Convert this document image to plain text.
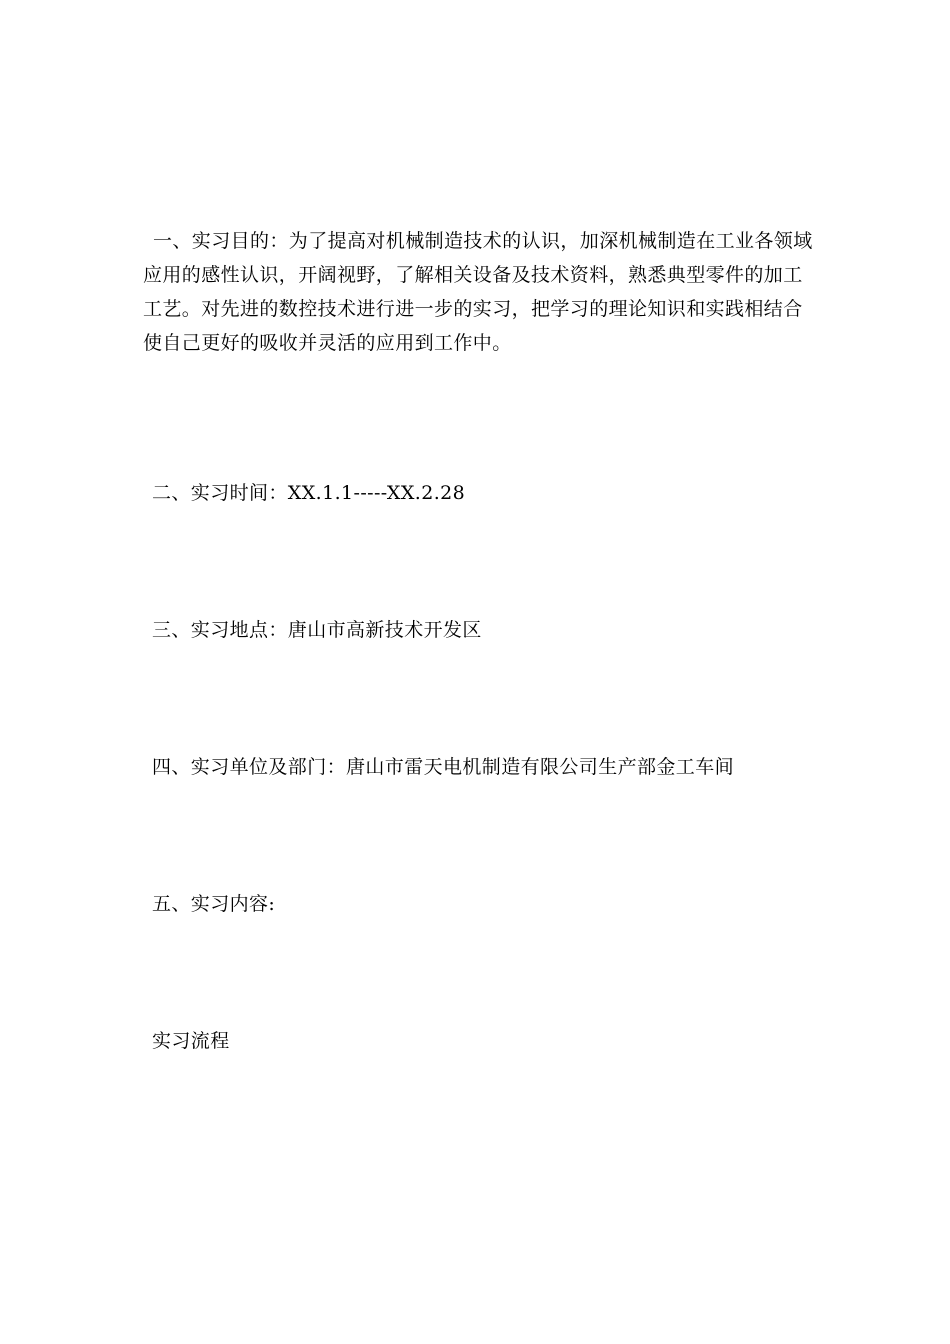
一、实习目的：为了提高对机械制造技术的认识，加深机械制造在工业各领域应用的感性认识，开阔视野，了解相关设备及技术资料，熟悉典型零件的加工工艺。对先进的数控技术进行进一步的实习，把学习的理论知识和实践相结合使自己更好的吸收并灵活的应用到工作中。

二、实习时间：XX.1.1-----XX.2.28

三、实习地点：唐山市高新技术开发区

四、实习单位及部门：唐山市雷天电机制造有限公司生产部金工车间

五、实习内容:

实习流程
